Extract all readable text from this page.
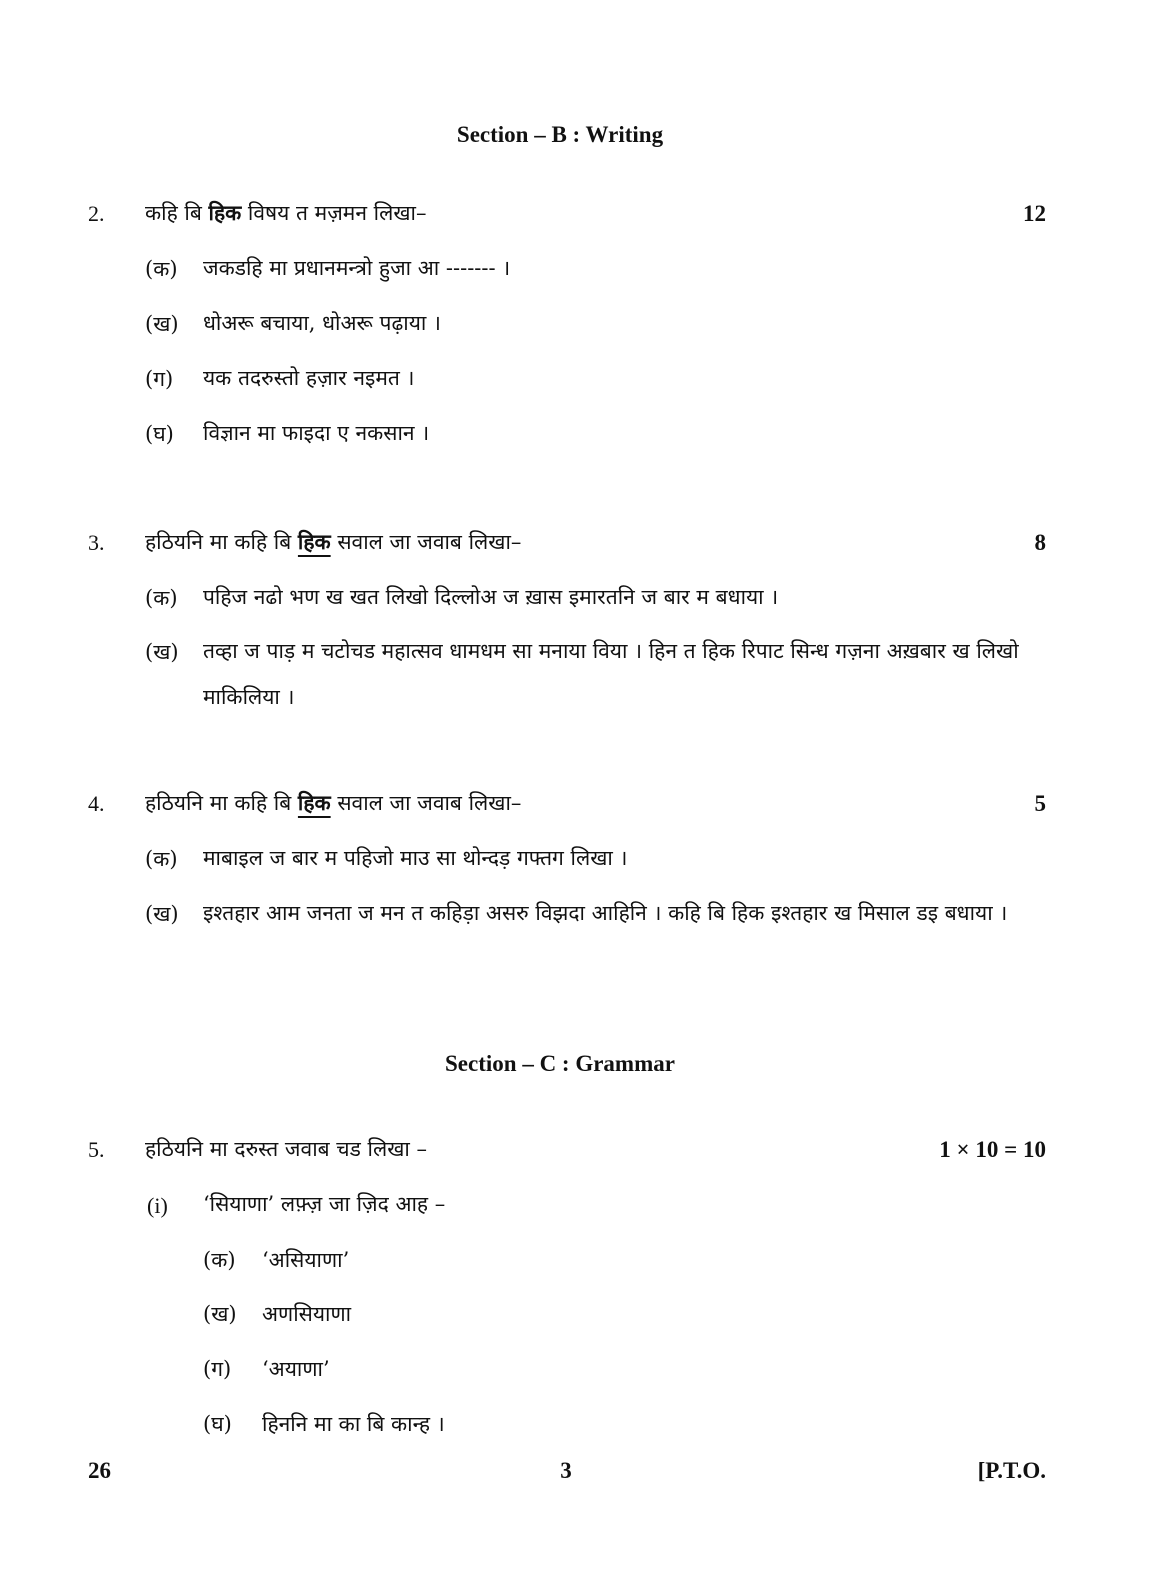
Section – B : Writing
2. कहि बि हिक विषय त मज़मन लिखा–	12
(क) जकडहि मा प्रधानमन्त्रो हुजा आ ------- ।
(ख) धोअरू बचाया, धोअरू पढ़ाया ।
(ग) यक तदरुस्तो हज़ार नइमत ।
(घ) विज्ञान मा फाइदा ए नकसान ।
3. हठियनि मा कहि बि हिक सवाल जा जवाब लिखा–	8
(क) पहिज नढो भण ख खत लिखो दिल्लोअ ज ख़ास इमारतनि ज बार म बधाया ।
(ख) तव्हा ज पाड़ म चटोचड महात्सव धामधम सा मनाया विया । हिन त हिक रिपाट सिन्ध गज़ना अख़बार ख लिखो माकिलिया ।
4. हठियनि मा कहि बि हिक सवाल जा जवाब लिखा–	5
(क) माबाइल ज बार म पहिजो माउ सा थोन्दड़ गफ्तग लिखा ।
(ख) इश्तहार आम जनता ज मन त कहिड़ा असरु विझदा आहिनि । कहि बि हिक इश्तहार ख मिसाल डइ बधाया ।
Section – C : Grammar
5. हठियनि मा दरुस्त जवाब चड लिखा –	1 × 10 = 10
(i) ‘सियाणा’ लफ़्ज़ जा ज़िद आह –
(क) ‘असियाणा’
(ख) अणसियाणा
(ग) ‘अयाणा’
(घ) हिननि मा का बि कान्ह ।
26	3	[P.T.O.
